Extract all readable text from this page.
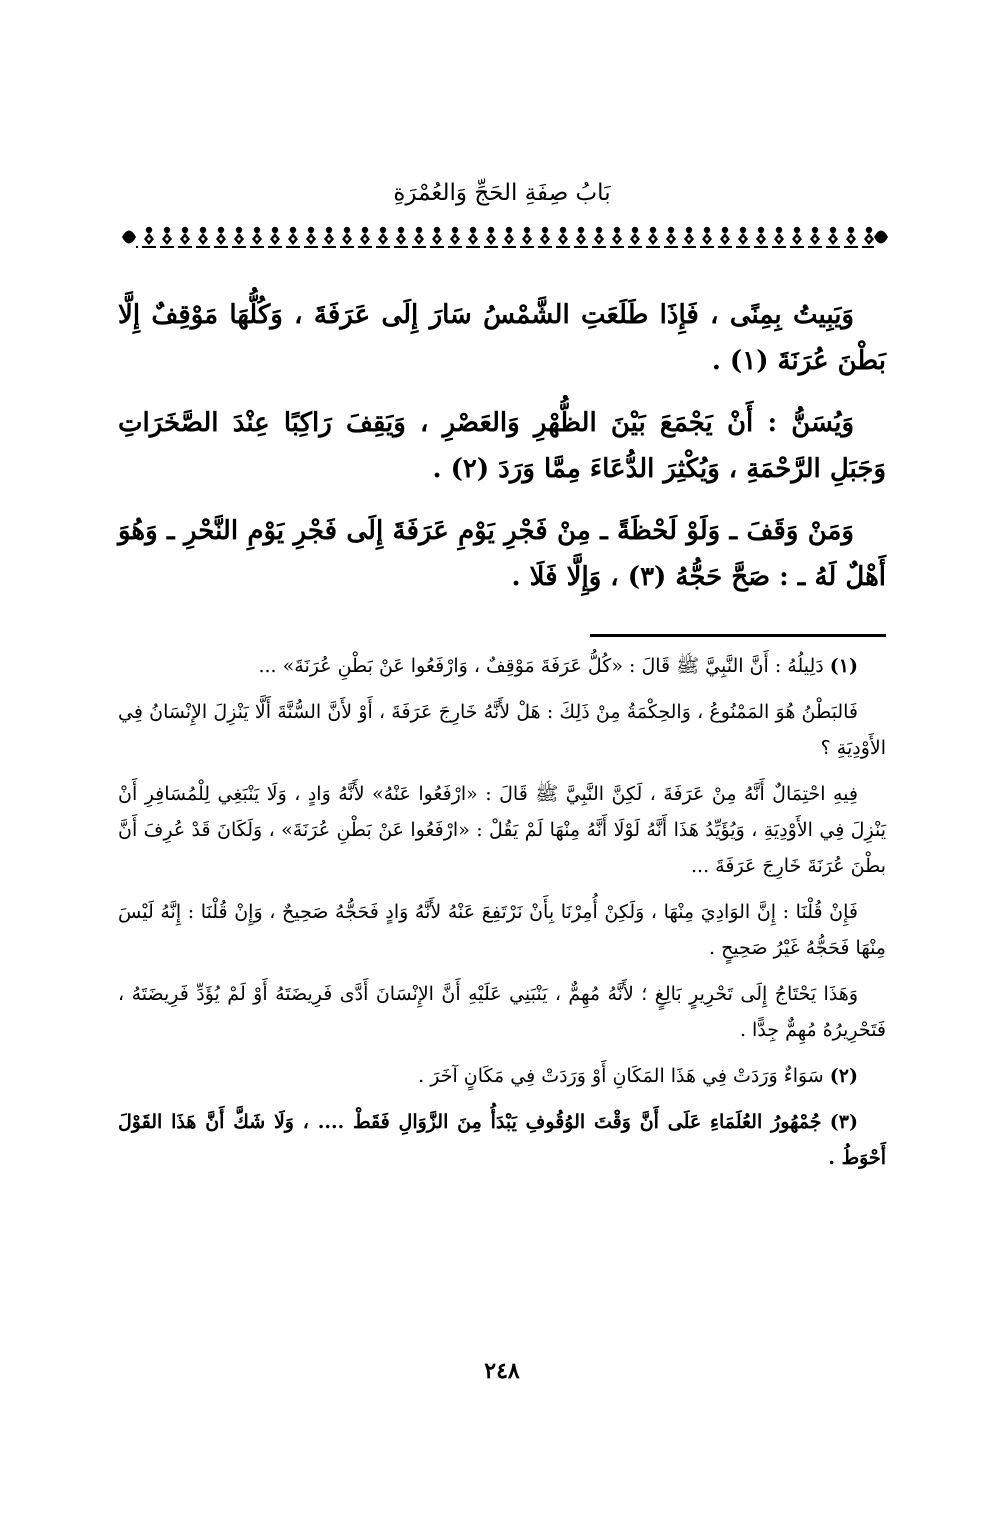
بَابُ صِفَةِ الحَجِّ وَالعُمْرَةِ

وَيَبِيتُ بِمِنًى ، فَإِذَا طَلَعَتِ الشَّمْسُ سَارَ إِلَى عَرَفَةَ ، وَكُلُّهَا مَوْقِفٌ إِلَّا بَطْنَ عُرَنَةَ (١) .

وَيُسَنُّ : أَنْ يَجْمَعَ بَيْنَ الظُّهْرِ وَالعَصْرِ ، وَيَقِفَ رَاكِبًا عِنْدَ الصَّخَرَاتِ وَجَبَلِ الرَّحْمَةِ ، وَيُكْثِرَ الدُّعَاءَ مِمَّا وَرَدَ (٢) .

وَمَنْ وَقَفَ ـ وَلَوْ لَحْظَةً ـ مِنْ فَجْرِ يَوْمِ عَرَفَةَ إِلَى فَجْرِ يَوْمِ النَّحْرِ ـ وَهُوَ أَهْلٌ لَهُ ـ : صَحَّ حَجُّهُ (٣) ، وَإِلَّا فَلَا .

(١) دَلِيلُهُ : أَنَّ النَّبِيَّ ﷺ قَالَ : «كُلُّ عَرَفَةَ مَوْقِفٌ ، وَارْفَعُوا عَنْ بَطْنِ عُرَنَةَ» ...

فَالبَطْنُ هُوَ المَمْنُوعُ ، وَالحِكْمَةُ مِنْ ذَلِكَ : هَلْ لأَنَّهُ خَارِجَ عَرَفَةَ ، أَوْ لأَنَّ السُّنَّةَ أَلَّا يَنْزِلَ الإِنْسَانُ فِي الأَوْدِيَةِ ؟

فِيهِ احْتِمَالٌ أَنَّهُ مِنْ عَرَفَةَ ، لَكِنَّ النَّبِيَّ ﷺ قَالَ : «ارْفَعُوا عَنْهُ» لأَنَّهُ وَادٍ ، وَلَا يَنْبَغِي لِلْمُسَافِرِ أَنْ يَنْزِلَ فِي الأَوْدِيَةِ ، وَيُؤَيِّدُ هَذَا أَنَّهُ لَوْلَا أَنَّهُ مِنْهَا لَمْ يَقُلْ : «ارْفَعُوا عَنْ بَطْنِ عُرَنَةَ» ، وَلَكَانَ قَدْ عُرِفَ أَنَّ بطْنَ عُرَنَةَ خَارِجَ عَرَفَةَ ...

فَإِنْ قُلْنَا : إِنَّ الوَادِيَ مِنْهَا ، وَلَكِنْ أُمِرْنَا بِأَنْ نَرْتَفِعَ عَنْهُ لأَنَّهُ وَادٍ فَحَجُّهُ صَحِيحٌ ، وَإِنْ قُلْنَا : إِنَّهُ لَيْسَ مِنْهَا فَحَجُّهُ غَيْرُ صَحِيحٍ .

وَهَذَا يَحْتَاجُ إِلَى تَحْرِيرٍ بَالِغٍ ؛ لأَنَّهُ مُهِمٌّ ، يَنْبَنِي عَلَيْهِ أَنَّ الإِنْسَانَ أَدَّى فَرِيضَتَهُ أَوْ لَمْ يُؤَدِّ فَرِيضَتَهُ ، فَتَحْرِيرُهُ مُهِمٌّ جِدًّا .

(٢) سَوَاءٌ وَرَدَتْ فِي هَذَا المَكَانِ أَوْ وَرَدَتْ فِي مَكَانٍ آخَرَ .

(٣) جُمْهُورُ العُلَمَاءِ عَلَى أَنَّ وَقْتَ الوُقُوفِ يَبْدَأُ مِنَ الزَّوَالِ فَقَطْ .... ، وَلَا شَكَّ أَنَّ هَذَا القَوْلَ أَحْوَطُ .

٢٤٨
